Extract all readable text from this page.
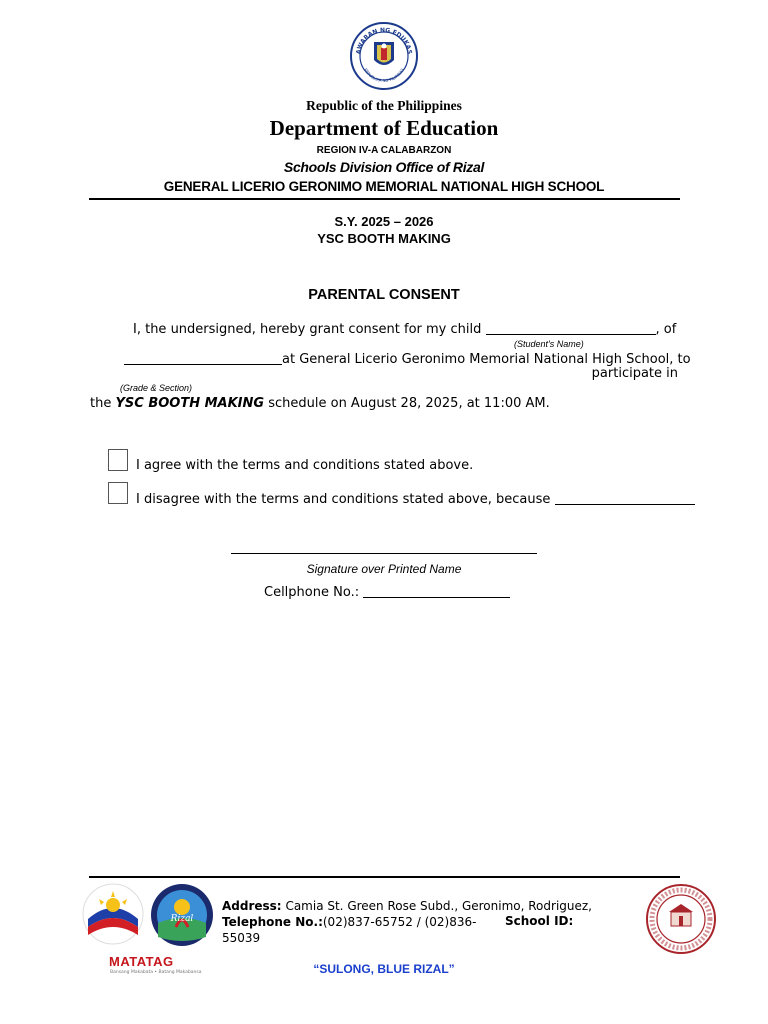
AWARAN NG EDUKAS
REPUBLIKA NG PILIPINAS
Republic of the Philippines
Department of Education
REGION IV-A CALABARZON
Schools Division Office of Rizal
GENERAL LICERIO GERONIMO MEMORIAL NATIONAL HIGH SCHOOL
S.Y. 2025 – 2026
YSC BOOTH MAKING
PARENTAL CONSENT
I, the undersigned, hereby grant consent for my child	, of
(Student's Name)
at General Licerio Geronimo Memorial National High School, to
participate in
(Grade & Section)
the YSC BOOTH MAKING schedule on August 28, 2025, at 11:00 AM.
I agree with the terms and conditions stated above.
I disagree with the terms and conditions stated above, because
Signature over Printed Name
Cellphone No.:
Rizal
MATATAG
Bansang Makabata • Batang Makabansa
Address: Camia St. Green Rose Subd., Geronimo, Rodriguez,
Telephone No.:(02)837-65752 / (02)836-55039
School ID:
“SULONG, BLUE RIZAL”
